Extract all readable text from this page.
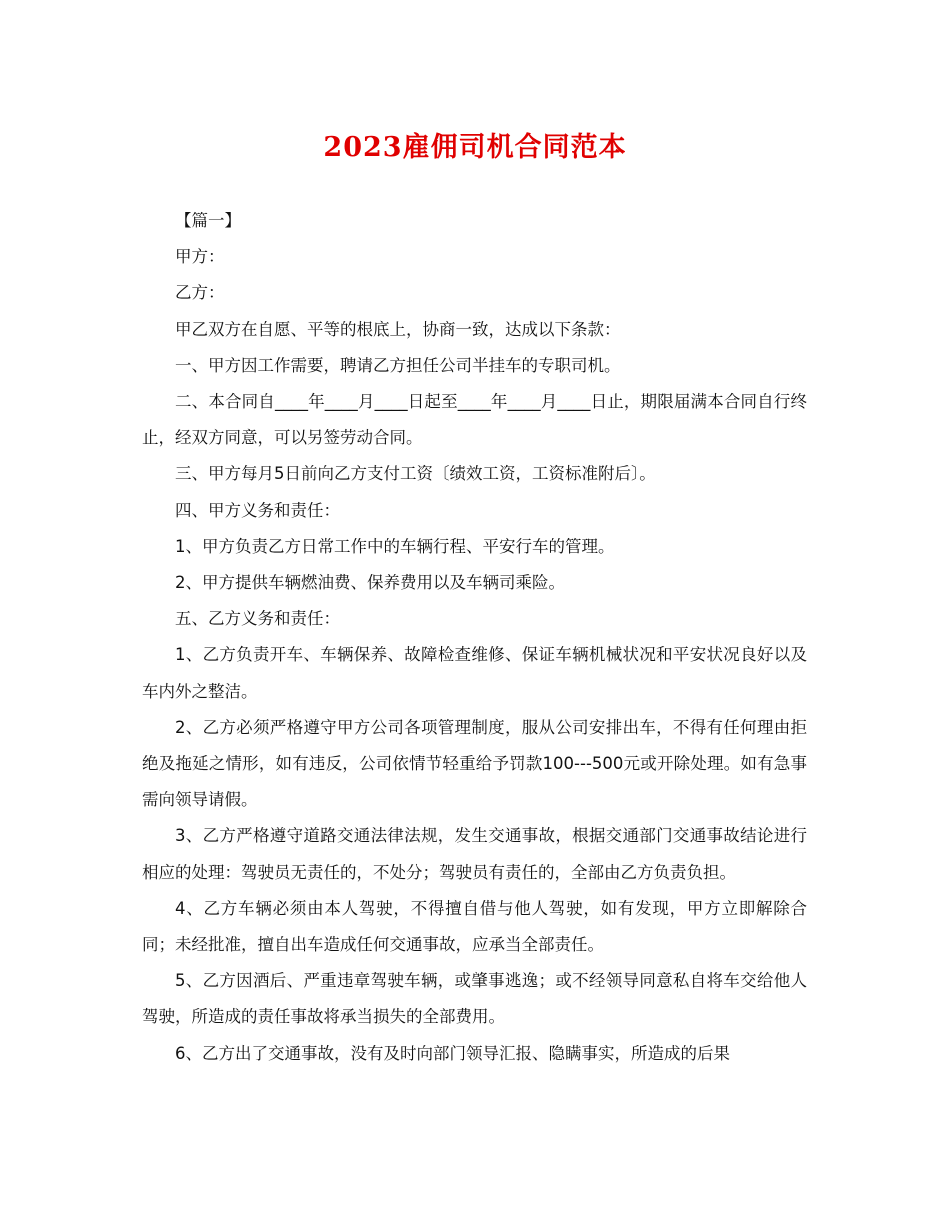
2023雇佣司机合同范本

【篇一】

甲方：

乙方：

甲乙双方在自愿、平等的根底上，协商一致，达成以下条款：

一、甲方因工作需要，聘请乙方担任公司半挂车的专职司机。

二、本合同自____年____月____日起至____年____月____日止，期限届满本合同自行终止，经双方同意，可以另签劳动合同。

三、甲方每月5日前向乙方支付工资〔绩效工资，工资标准附后〕。

四、甲方义务和责任：

1、甲方负责乙方日常工作中的车辆行程、平安行车的管理。

2、甲方提供车辆燃油费、保养费用以及车辆司乘险。

五、乙方义务和责任：

1、乙方负责开车、车辆保养、故障检查维修、保证车辆机械状况和平安状况良好以及车内外之整洁。

2、乙方必须严格遵守甲方公司各项管理制度，服从公司安排出车，不得有任何理由拒绝及拖延之情形，如有违反，公司依情节轻重给予罚款100---500元或开除处理。如有急事需向领导请假。

3、乙方严格遵守道路交通法律法规，发生交通事故，根据交通部门交通事故结论进行相应的处理：驾驶员无责任的，不处分；驾驶员有责任的，全部由乙方负责负担。

4、乙方车辆必须由本人驾驶，不得擅自借与他人驾驶，如有发现，甲方立即解除合同；未经批准，擅自出车造成任何交通事故，应承当全部责任。

5、乙方因酒后、严重违章驾驶车辆，或肇事逃逸；或不经领导同意私自将车交给他人驾驶，所造成的责任事故将承当损失的全部费用。

6、乙方出了交通事故，没有及时向部门领导汇报、隐瞒事实，所造成的后果
